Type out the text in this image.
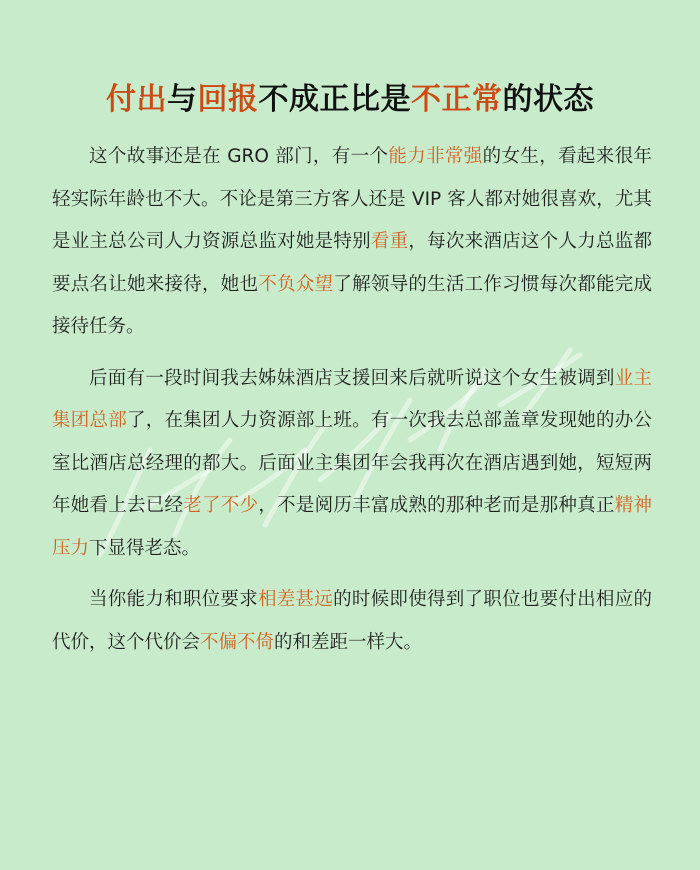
付出与回报不成正比是不正常的状态

这个故事还是在 GRO 部门，有一个能力非常强的女生，看起来很年轻实际年龄也不大。不论是第三方客人还是 VIP 客人都对她很喜欢，尤其是业主总公司人力资源总监对她是特别看重，每次来酒店这个人力总监都要点名让她来接待，她也不负众望了解领导的生活工作习惯每次都能完成接待任务。

后面有一段时间我去姊妹酒店支援回来后就听说这个女生被调到业主集团总部了，在集团人力资源部上班。有一次我去总部盖章发现她的办公室比酒店总经理的都大。后面业主集团年会我再次在酒店遇到她，短短两年她看上去已经老了不少，不是阅历丰富成熟的那种老而是那种真正精神压力下显得老态。

当你能力和职位要求相差甚远的时候即使得到了职位也要付出相应的代价，这个代价会不偏不倚的和差距一样大。
